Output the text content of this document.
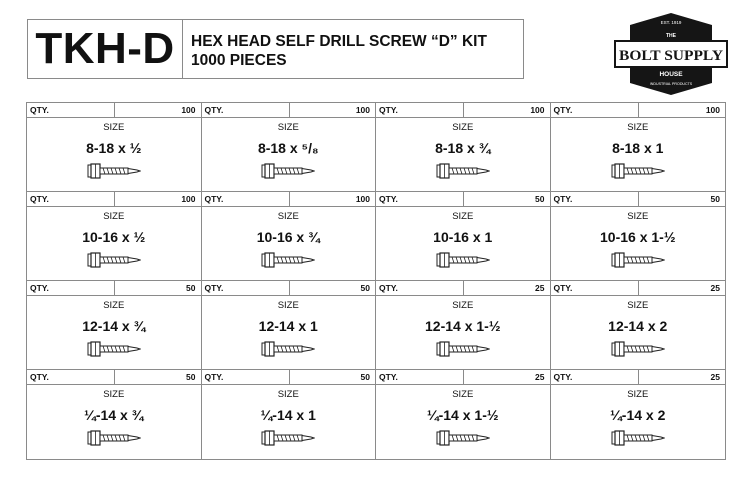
TKH-D	HEX HEAD SELF DRILL SCREW “D” KIT
1000 PIECES
EST. 1919
THE
BOLT SUPPLY
HOUSE
INDUSTRIAL PRODUCTS
QTY.	100
SIZE
8-18 x ½
QTY.	100
SIZE
8-18 x ⁵/₈
QTY.	100
SIZE
8-18 x ¾
QTY.	100
SIZE
8-18 x 1
QTY.	100
SIZE
10-16 x ½
QTY.	100
SIZE
10-16 x ¾
QTY.	50
SIZE
10-16 x 1
QTY.	50
SIZE
10-16 x 1-½
QTY.	50
SIZE
12-14 x ¾
QTY.	50
SIZE
12-14 x 1
QTY.	25
SIZE
12-14 x 1-½
QTY.	25
SIZE
12-14 x 2
QTY.	50
SIZE
¼-14 x ¾
QTY.	50
SIZE
¼-14 x 1
QTY.	25
SIZE
¼-14 x 1-½
QTY.	25
SIZE
¼-14 x 2
